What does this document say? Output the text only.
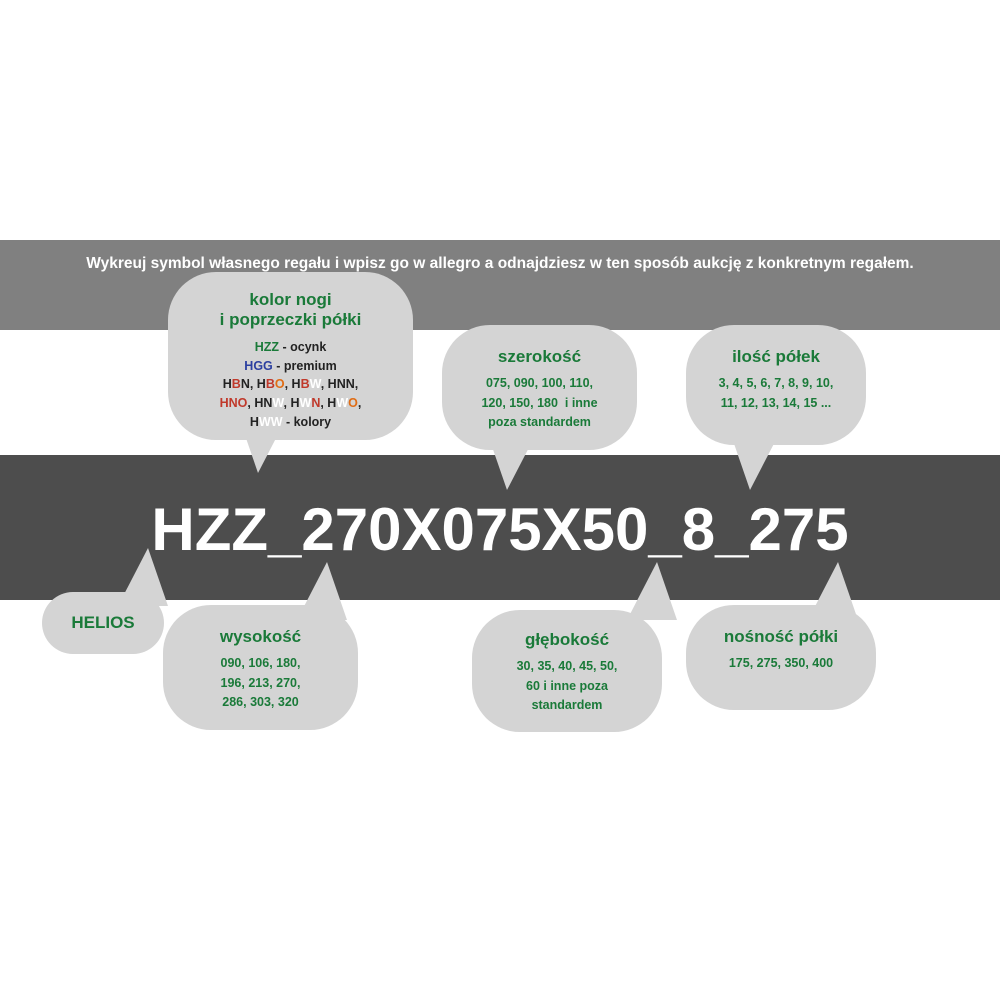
Wykreuj symbol własnego regału i wpisz go w allegro a odnajdziesz w ten sposób aukcję z konkretnym regałem.
HZZ_270X075X50_8_275
kolor nogi
i poprzeczki półki
HZZ - ocynk
HGG - premium
HBN, HBO, HBW, HNN,
HNO, HNW, HWN, HWO,
HWW - kolory
szerokość
075, 090, 100, 110,
120, 150, 180  i inne
poza standardem
ilość półek
3, 4, 5, 6, 7, 8, 9, 10,
11, 12, 13, 14, 15 ...
HELIOS
wysokość
090, 106, 180,
196, 213, 270,
286, 303, 320
głębokość
30, 35, 40, 45, 50,
60 i inne poza
standardem
nośność półki
175, 275, 350, 400
